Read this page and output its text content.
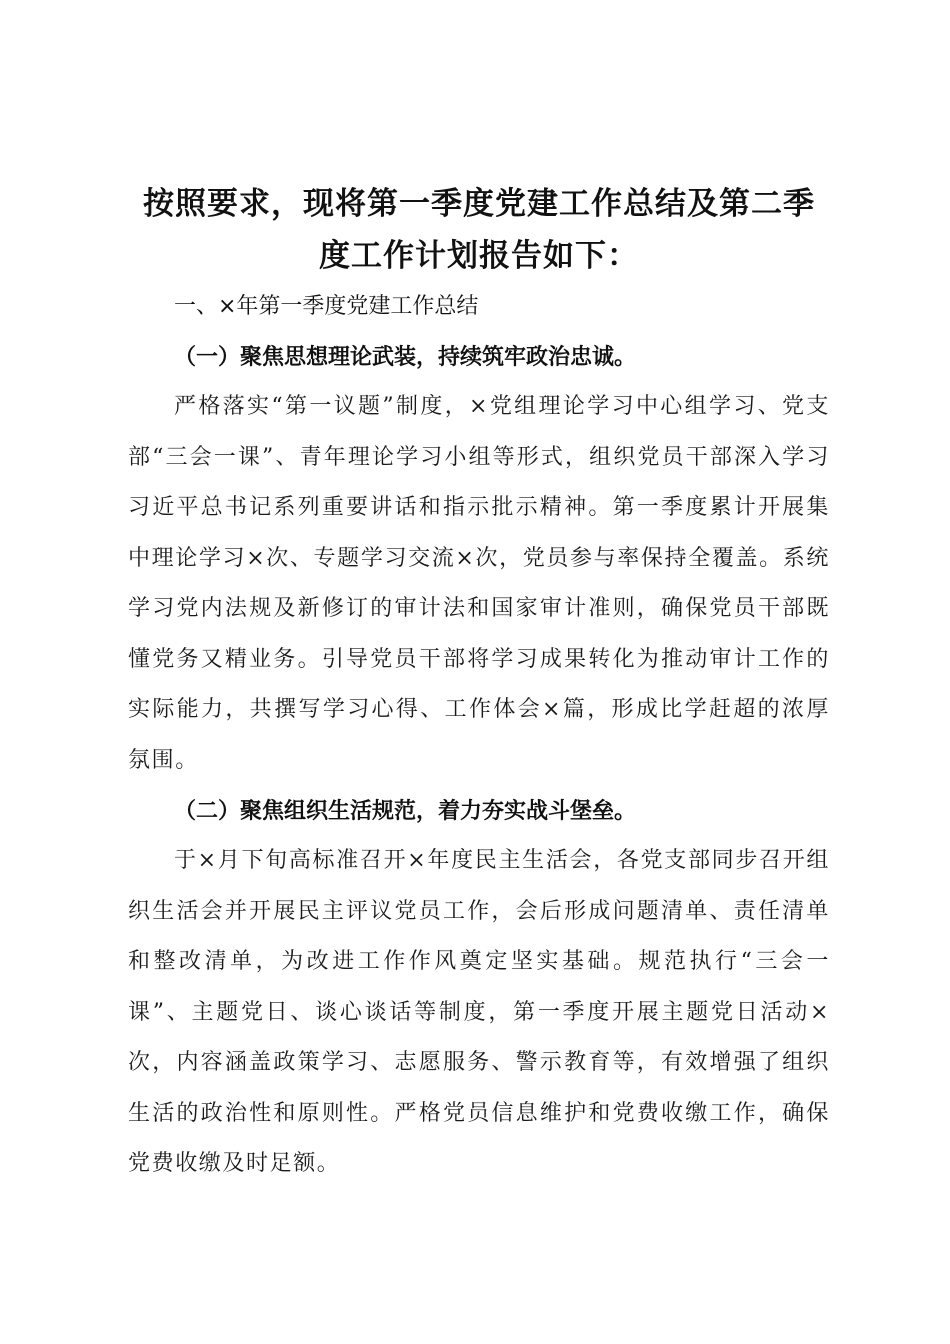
按照要求，现将第一季度党建工作总结及第二季度工作计划报告如下：

一、×年第一季度党建工作总结

（一）聚焦思想理论武装，持续筑牢政治忠诚。

严格落实“第一议题”制度，×党组理论学习中心组学习、党支部“三会一课”、青年理论学习小组等形式，组织党员干部深入学习习近平总书记系列重要讲话和指示批示精神。第一季度累计开展集中理论学习×次、专题学习交流×次，党员参与率保持全覆盖。系统学习党内法规及新修订的审计法和国家审计准则，确保党员干部既懂党务又精业务。引导党员干部将学习成果转化为推动审计工作的实际能力，共撰写学习心得、工作体会×篇，形成比学赶超的浓厚氛围。

（二）聚焦组织生活规范，着力夯实战斗堡垒。

于×月下旬高标准召开×年度民主生活会，各党支部同步召开组织生活会并开展民主评议党员工作，会后形成问题清单、责任清单和整改清单，为改进工作作风奠定坚实基础。规范执行“三会一课”、主题党日、谈心谈话等制度，第一季度开展主题党日活动×次，内容涵盖政策学习、志愿服务、警示教育等，有效增强了组织生活的政治性和原则性。严格党员信息维护和党费收缴工作，确保党费收缴及时足额。
